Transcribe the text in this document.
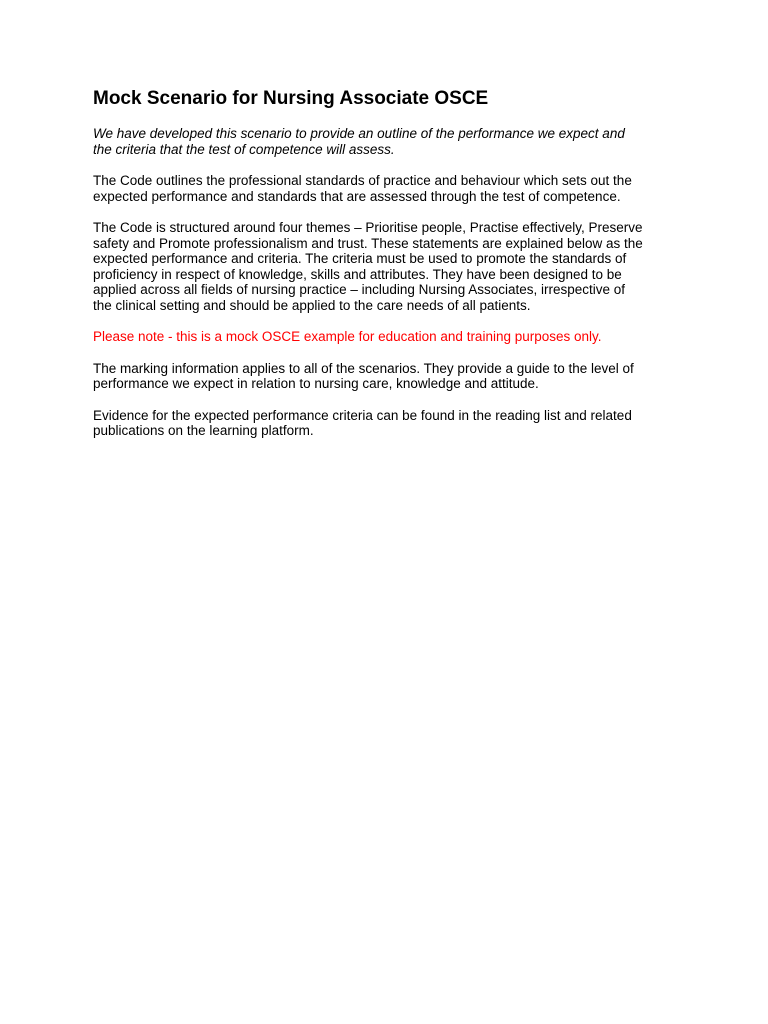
Mock Scenario for Nursing Associate OSCE

We have developed this scenario to provide an outline of the performance we expect and
the criteria that the test of competence will assess.

The Code outlines the professional standards of practice and behaviour which sets out the
expected performance and standards that are assessed through the test of competence.

The Code is structured around four themes – Prioritise people, Practise effectively, Preserve
safety and Promote professionalism and trust. These statements are explained below as the
expected performance and criteria. The criteria must be used to promote the standards of
proficiency in respect of knowledge, skills and attributes. They have been designed to be
applied across all fields of nursing practice – including Nursing Associates, irrespective of
the clinical setting and should be applied to the care needs of all patients.

Please note - this is a mock OSCE example for education and training purposes only.

The marking information applies to all of the scenarios. They provide a guide to the level of
performance we expect in relation to nursing care, knowledge and attitude.

Evidence for the expected performance criteria can be found in the reading list and related
publications on the learning platform.
